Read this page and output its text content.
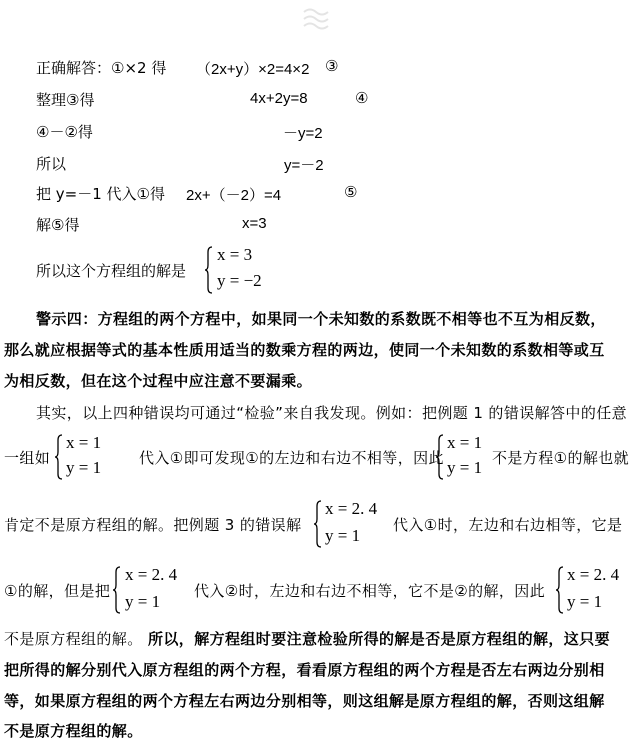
正确解答：①×2 得 （2x+y）×2=4×2 ③
整理③得	4x+2y=8	④
④－②得	－y=2
所以	y=－2
把 y=－1 代入①得 2x+（－2）=4	⑤
解⑤得	x=3
所以这个方程组的解是
x = 3
y = −2
警示四：方程组的两个方程中，如果同一个未知数的系数既不相等也不互为相反数，
那么就应根据等式的基本性质用适当的数乘方程的两边，使同一个未知数的系数相等或互
为相反数，但在这个过程中应注意不要漏乘。
其实，以上四种错误均可通过“检验”来自我发现。例如：把例题 1 的错误解答中的任意
一组如
x = 1
y = 1	代入①即可发现①的左边和右边不相等，因此
x = 1
y = 1 不是方程①的解也就
肯定不是原方程组的解。把例题 3 的错误解
x = 2. 4
y = 1
代入①时，左边和右边相等，它是
①的解，但是把
x = 2. 4
y = 1
代入②时，左边和右边不相等，它不是②的解，因此
x = 2. 4
y = 1
不是原方程组的解。 所以，解方程组时要注意检验所得的解是否是原方程组的解，这只要
把所得的解分别代入原方程组的两个方程，看看原方程组的两个方程是否左右两边分别相
等，如果原方程组的两个方程左右两边分别相等，则这组解是原方程组的解，否则这组解
不是原方程组的解。
